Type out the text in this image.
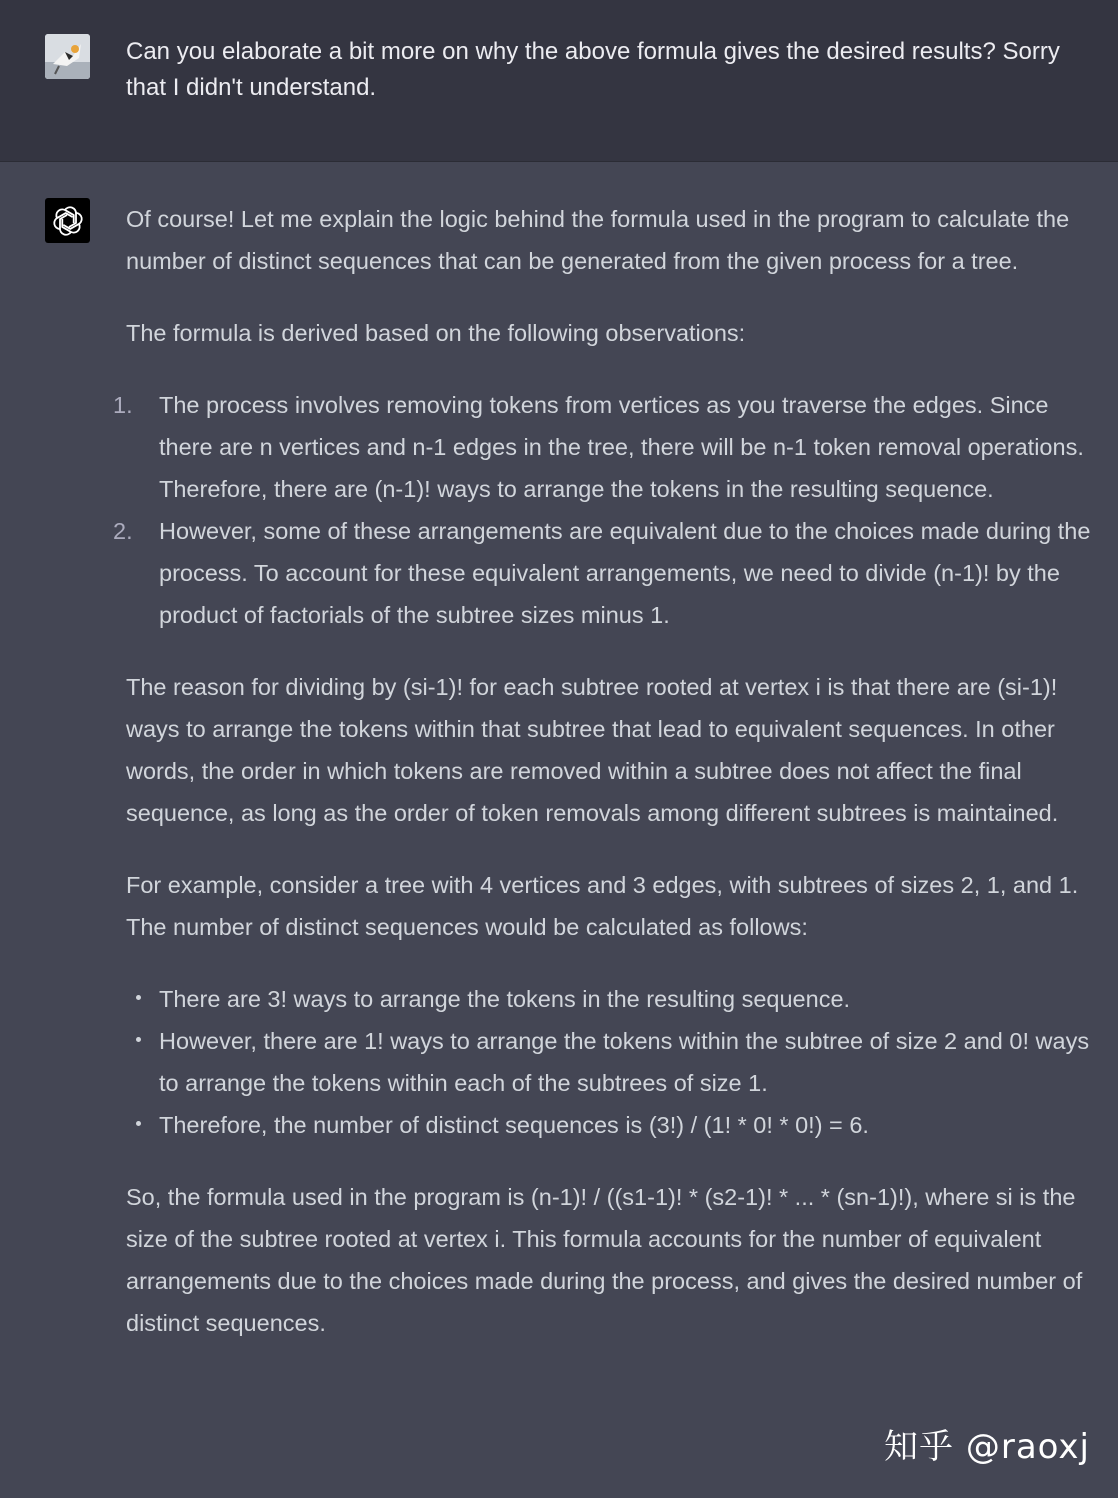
Can you elaborate a bit more on why the above formula gives the desired results? Sorry that I didn't understand.

Of course! Let me explain the logic behind the formula used in the program to calculate the number of distinct sequences that can be generated from the given process for a tree.

The formula is derived based on the following observations:

1. The process involves removing tokens from vertices as you traverse the edges. Since there are n vertices and n-1 edges in the tree, there will be n-1 token removal operations. Therefore, there are (n-1)! ways to arrange the tokens in the resulting sequence.
2. However, some of these arrangements are equivalent due to the choices made during the process. To account for these equivalent arrangements, we need to divide (n-1)! by the product of factorials of the subtree sizes minus 1.

The reason for dividing by (si-1)! for each subtree rooted at vertex i is that there are (si-1)! ways to arrange the tokens within that subtree that lead to equivalent sequences. In other words, the order in which tokens are removed within a subtree does not affect the final sequence, as long as the order of token removals among different subtrees is maintained.

For example, consider a tree with 4 vertices and 3 edges, with subtrees of sizes 2, 1, and 1. The number of distinct sequences would be calculated as follows:

There are 3! ways to arrange the tokens in the resulting sequence.
However, there are 1! ways to arrange the tokens within the subtree of size 2 and 0! ways to arrange the tokens within each of the subtrees of size 1.
Therefore, the number of distinct sequences is (3!) / (1! * 0! * 0!) = 6.

So, the formula used in the program is (n-1)! / ((s1-1)! * (s2-1)! * ... * (sn-1)!), where si is the size of the subtree rooted at vertex i. This formula accounts for the number of equivalent arrangements due to the choices made during the process, and gives the desired number of distinct sequences.

知乎 @raoxj
